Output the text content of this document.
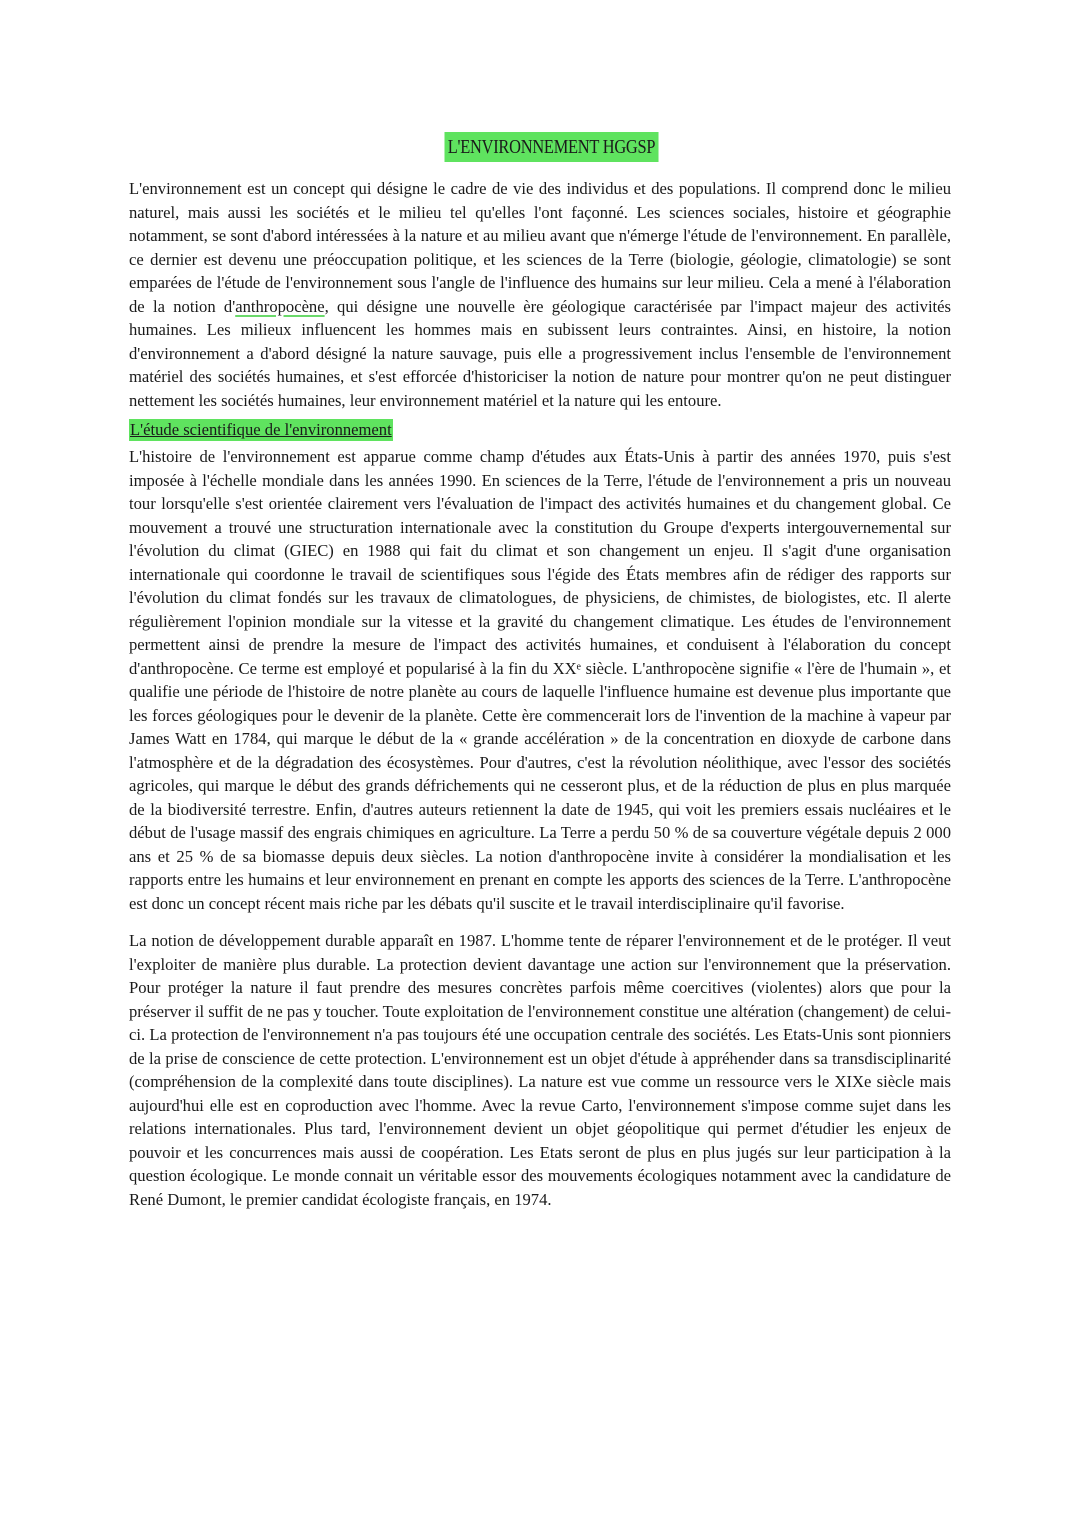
L'ENVIRONNEMENT HGGSP

L'environnement est un concept qui désigne le cadre de vie des individus et des populations. Il comprend donc le milieu naturel, mais aussi les sociétés et le milieu tel qu'elles l'ont façonné. Les sciences sociales, histoire et géographie notamment, se sont d'abord intéressées à la nature et au milieu avant que n'émerge l'étude de l'environnement. En parallèle, ce dernier est devenu une préoccupation politique, et les sciences de la Terre (biologie, géologie, climatologie) se sont emparées de l'étude de l'environnement sous l'angle de l'influence des humains sur leur milieu. Cela a mené à l'élaboration de la notion d'anthropocène, qui désigne une nouvelle ère géologique caractérisée par l'impact majeur des activités humaines. Les milieux influencent les hommes mais en subissent leurs contraintes. Ainsi, en histoire, la notion d'environnement a d'abord désigné la nature sauvage, puis elle a progressivement inclus l'ensemble de l'environnement matériel des sociétés humaines, et s'est efforcée d'historiciser la notion de nature pour montrer qu'on ne peut distinguer nettement les sociétés humaines, leur environnement matériel et la nature qui les entoure.

L'étude scientifique de l'environnement

L'histoire de l'environnement est apparue comme champ d'études aux États-Unis à partir des années 1970, puis s'est imposée à l'échelle mondiale dans les années 1990. En sciences de la Terre, l'étude de l'environnement a pris un nouveau tour lorsqu'elle s'est orientée clairement vers l'évaluation de l'impact des activités humaines et du changement global. Ce mouvement a trouvé une structuration internationale avec la constitution du Groupe d'experts intergouvernemental sur l'évolution du climat (GIEC) en 1988 qui fait du climat et son changement un enjeu. Il s'agit d'une organisation internationale qui coordonne le travail de scientifiques sous l'égide des États membres afin de rédiger des rapports sur l'évolution du climat fondés sur les travaux de climatologues, de physiciens, de chimistes, de biologistes, etc. Il alerte régulièrement l'opinion mondiale sur la vitesse et la gravité du changement climatique. Les études de l'environnement permettent ainsi de prendre la mesure de l'impact des activités humaines, et conduisent à l'élaboration du concept d'anthropocène. Ce terme est employé et popularisé à la fin du XXᵉ siècle. L'anthropocène signifie « l'ère de l'humain », et qualifie une période de l'histoire de notre planète au cours de laquelle l'influence humaine est devenue plus importante que les forces géologiques pour le devenir de la planète. Cette ère commencerait lors de l'invention de la machine à vapeur par James Watt en 1784, qui marque le début de la « grande accélération » de la concentration en dioxyde de carbone dans l'atmosphère et de la dégradation des écosystèmes. Pour d'autres, c'est la révolution néolithique, avec l'essor des sociétés agricoles, qui marque le début des grands défrichements qui ne cesseront plus, et de la réduction de plus en plus marquée de la biodiversité terrestre. Enfin, d'autres auteurs retiennent la date de 1945, qui voit les premiers essais nucléaires et le début de l'usage massif des engrais chimiques en agriculture. La Terre a perdu 50 % de sa couverture végétale depuis 2 000 ans et 25 % de sa biomasse depuis deux siècles. La notion d'anthropocène invite à considérer la mondialisation et les rapports entre les humains et leur environnement en prenant en compte les apports des sciences de la Terre. L'anthropocène est donc un concept récent mais riche par les débats qu'il suscite et le travail interdisciplinaire qu'il favorise.

La notion de développement durable apparaît en 1987. L'homme tente de réparer l'environnement et de le protéger. Il veut l'exploiter de manière plus durable. La protection devient davantage une action sur l'environnement que la préservation. Pour protéger la nature il faut prendre des mesures concrètes parfois même coercitives (violentes) alors que pour la préserver il suffit de ne pas y toucher. Toute exploitation de l'environnement constitue une altération (changement) de celui-ci. La protection de l'environnement n'a pas toujours été une occupation centrale des sociétés. Les Etats-Unis sont pionniers de la prise de conscience de cette protection. L'environnement est un objet d'étude à appréhender dans sa transdisciplinarité (compréhension de la complexité dans toute disciplines). La nature est vue comme un ressource vers le XIXe siècle mais aujourd'hui elle est en coproduction avec l'homme. Avec la revue Carto, l'environnement s'impose comme sujet dans les relations internationales. Plus tard, l'environnement devient un objet géopolitique qui permet d'étudier les enjeux de pouvoir et les concurrences mais aussi de coopération. Les Etats seront de plus en plus jugés sur leur participation à la question écologique. Le monde connait un véritable essor des mouvements écologiques notamment avec la candidature de René Dumont, le premier candidat écologiste français, en 1974.
